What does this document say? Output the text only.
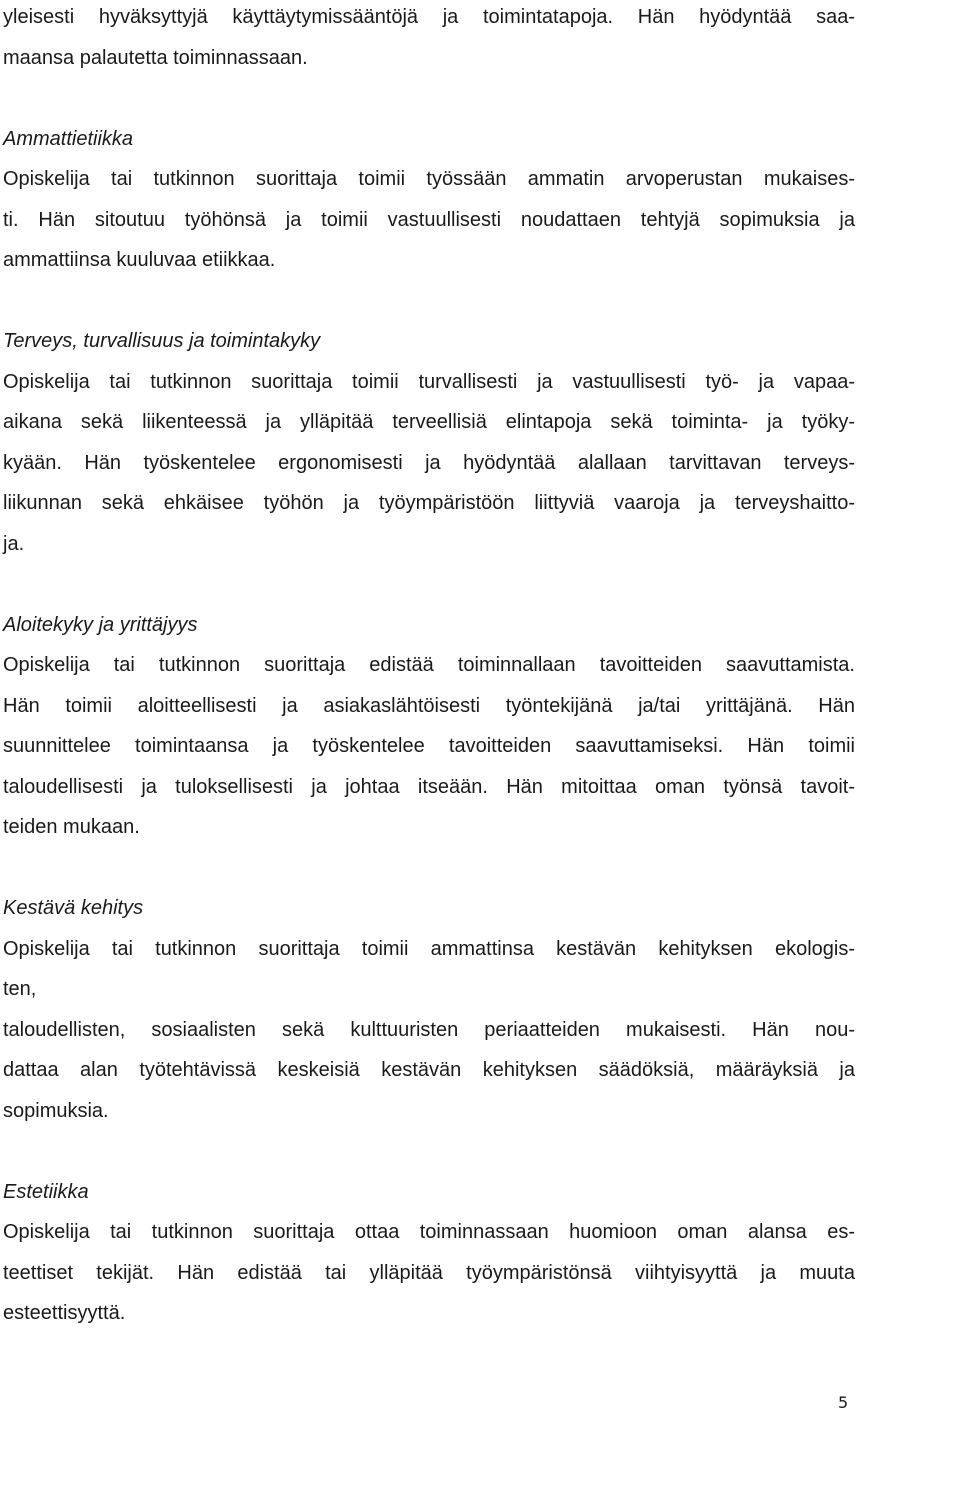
yleisesti hyväksyttyjä käyttäytymissääntöjä ja toimintatapoja. Hän hyödyntää saa-
maansa palautetta toiminnassaan.
Ammattietiikka
Opiskelija tai tutkinnon suorittaja toimii työssään ammatin arvoperustan mukaises-
ti. Hän sitoutuu työhönsä ja toimii vastuullisesti noudattaen tehtyjä sopimuksia ja
ammattiinsa kuuluvaa etiikkaa.
Terveys, turvallisuus ja toimintakyky
Opiskelija tai tutkinnon suorittaja toimii turvallisesti ja vastuullisesti työ- ja vapaa-
aikana sekä liikenteessä ja ylläpitää terveellisiä elintapoja sekä toiminta- ja työky-
kyään. Hän työskentelee ergonomisesti ja hyödyntää alallaan tarvittavan terveys-
liikunnan sekä ehkäisee työhön ja työympäristöön liittyviä vaaroja ja terveyshaitto-
ja.
Aloitekyky ja yrittäjyys
Opiskelija tai tutkinnon suorittaja edistää toiminnallaan tavoitteiden saavuttamista.
Hän toimii aloitteellisesti ja asiakaslähtöisesti työntekijänä ja/tai yrittäjänä. Hän
suunnittelee toimintaansa ja työskentelee tavoitteiden saavuttamiseksi. Hän toimii
taloudellisesti ja tuloksellisesti ja johtaa itseään. Hän mitoittaa oman työnsä tavoit-
teiden mukaan.
Kestävä kehitys
Opiskelija tai tutkinnon suorittaja toimii ammattinsa kestävän kehityksen ekologis-
ten,
taloudellisten, sosiaalisten sekä kulttuuristen periaatteiden mukaisesti. Hän nou-
dattaa alan työtehtävissä keskeisiä kestävän kehityksen säädöksiä, määräyksiä ja
sopimuksia.
Estetiikka
Opiskelija tai tutkinnon suorittaja ottaa toiminnassaan huomioon oman alansa es-
teettiset tekijät. Hän edistää tai ylläpitää työympäristönsä viihtyisyyttä ja muuta
esteettisyyttä.
5
